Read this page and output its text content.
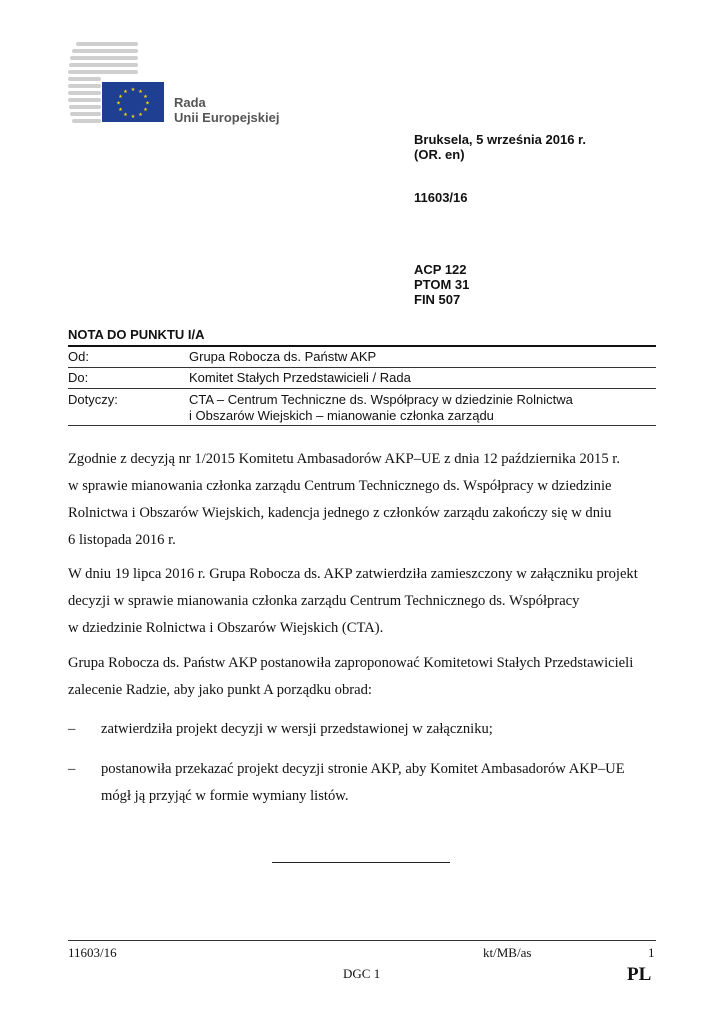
★ ★
★
★
★
★
★
★
★
★
★
★
Rada
Unii Europejskiej
Bruksela, 5 września 2016 r.
(OR. en)
11603/16
ACP 122
PTOM 31
FIN 507
NOTA DO PUNKTU I/A
Od:	Grupa Robocza ds. Państw AKP
Do:	Komitet Stałych Przedstawicieli / Rada
Dotyczy:	CTA – Centrum Techniczne ds. Współpracy w dziedzinie Rolnictwa
i Obszarów Wiejskich – mianowanie członka zarządu
Zgodnie z decyzją nr 1/2015 Komitetu Ambasadorów AKP–UE z dnia 12 października 2015 r.
w sprawie mianowania członka zarządu Centrum Technicznego ds. Współpracy w dziedzinie
Rolnictwa i Obszarów Wiejskich, kadencja jednego z członków zarządu zakończy się w dniu
6 listopada 2016 r.
W dniu 19 lipca 2016 r. Grupa Robocza ds. AKP zatwierdziła zamieszczony w załączniku projekt
decyzji w sprawie mianowania członka zarządu Centrum Technicznego ds. Współpracy
w dziedzinie Rolnictwa i Obszarów Wiejskich (CTA).
Grupa Robocza ds. Państw AKP postanowiła zaproponować Komitetowi Stałych Przedstawicieli
zalecenie Radzie, aby jako punkt A porządku obrad:
– zatwierdziła projekt decyzji w wersji przedstawionej w załączniku;
– postanowiła przekazać projekt decyzji stronie AKP, aby Komitet Ambasadorów AKP–UE
mógł ją przyjąć w formie wymiany listów.
11603/16	kt/MB/as	1
DGC 1	PL
